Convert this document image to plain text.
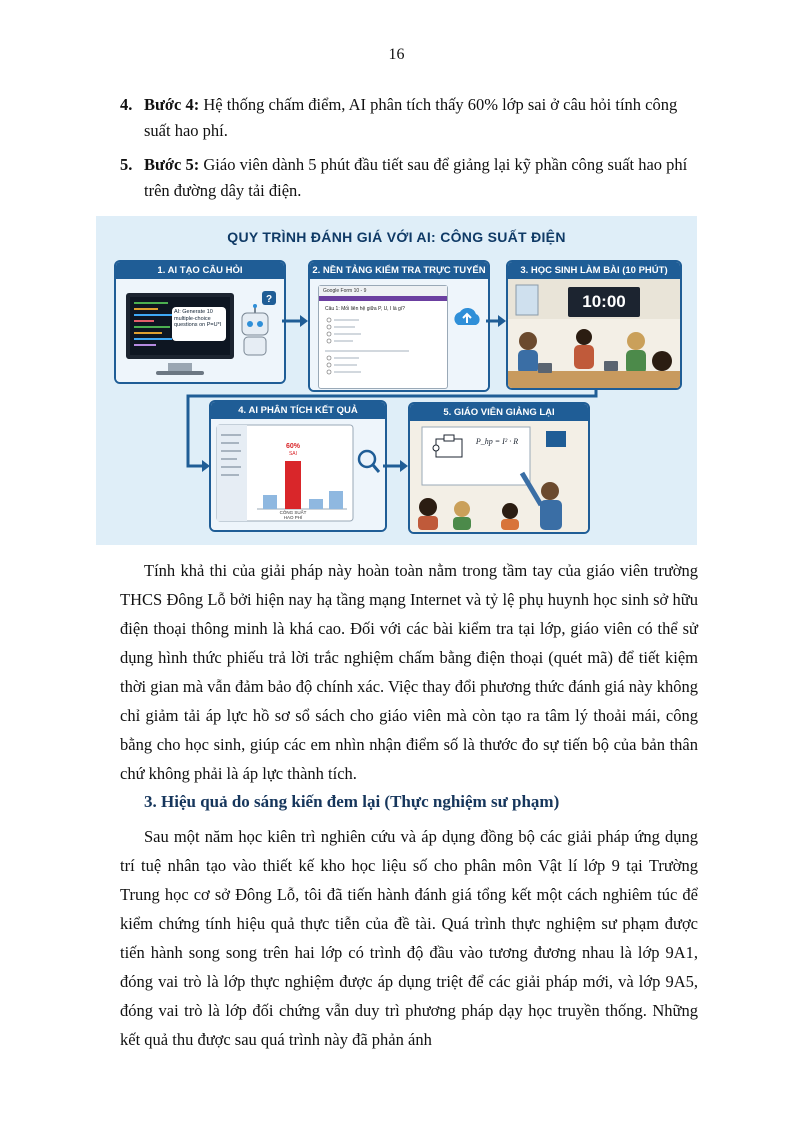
16
4. Bước 4: Hệ thống chấm điểm, AI phân tích thấy 60% lớp sai ở câu hỏi tính công suất hao phí.
5. Bước 5: Giáo viên dành 5 phút đầu tiết sau để giảng lại kỹ phần công suất hao phí trên đường dây tải điện.
QUY TRÌNH ĐÁNH GIÁ VỚI AI: CÔNG SUẤT ĐIỆN
1. AI TẠO CÂU HỎI
?
AI: Generate 10 multiple-choice questions on P=U*I
2. NỀN TẢNG KIỂM TRA TRỰC TUYẾN
Google Form 10 - 9
Câu 1: Mối liên hệ giữa P, U, I là gì?
3. HỌC SINH LÀM BÀI (10 PHÚT)
10:00
4. AI PHÂN TÍCH KẾT QUẢ
60%
SAI
CÔNG SUẤT HAO PHÍ
5. GIÁO VIÊN GIẢNG LẠI
P_hp = I² · R

Tính khả thi của giải pháp này hoàn toàn nằm trong tầm tay của giáo viên trường THCS Đông Lỗ bởi hiện nay hạ tầng mạng Internet và tỷ lệ phụ huynh học sinh sở hữu điện thoại thông minh là khá cao. Đối với các bài kiểm tra tại lớp, giáo viên có thể sử dụng hình thức phiếu trả lời trắc nghiệm chấm bằng điện thoại (quét mã) để tiết kiệm thời gian mà vẫn đảm bảo độ chính xác. Việc thay đổi phương thức đánh giá này không chỉ giảm tải áp lực hồ sơ sổ sách cho giáo viên mà còn tạo ra tâm lý thoải mái, công bằng cho học sinh, giúp các em nhìn nhận điểm số là thước đo sự tiến bộ của bản thân chứ không phải là áp lực thành tích.

3. Hiệu quả do sáng kiến đem lại (Thực nghiệm sư phạm)

Sau một năm học kiên trì nghiên cứu và áp dụng đồng bộ các giải pháp ứng dụng trí tuệ nhân tạo vào thiết kế kho học liệu số cho phân môn Vật lí lớp 9 tại Trường Trung học cơ sở Đông Lỗ, tôi đã tiến hành đánh giá tổng kết một cách nghiêm túc để kiểm chứng tính hiệu quả thực tiễn của đề tài. Quá trình thực nghiệm sư phạm được tiến hành song song trên hai lớp có trình độ đầu vào tương đương nhau là lớp 9A1, đóng vai trò là lớp thực nghiệm được áp dụng triệt để các giải pháp mới, và lớp 9A5, đóng vai trò là lớp đối chứng vẫn duy trì phương pháp dạy học truyền thống. Những kết quả thu được sau quá trình này đã phản ánh
